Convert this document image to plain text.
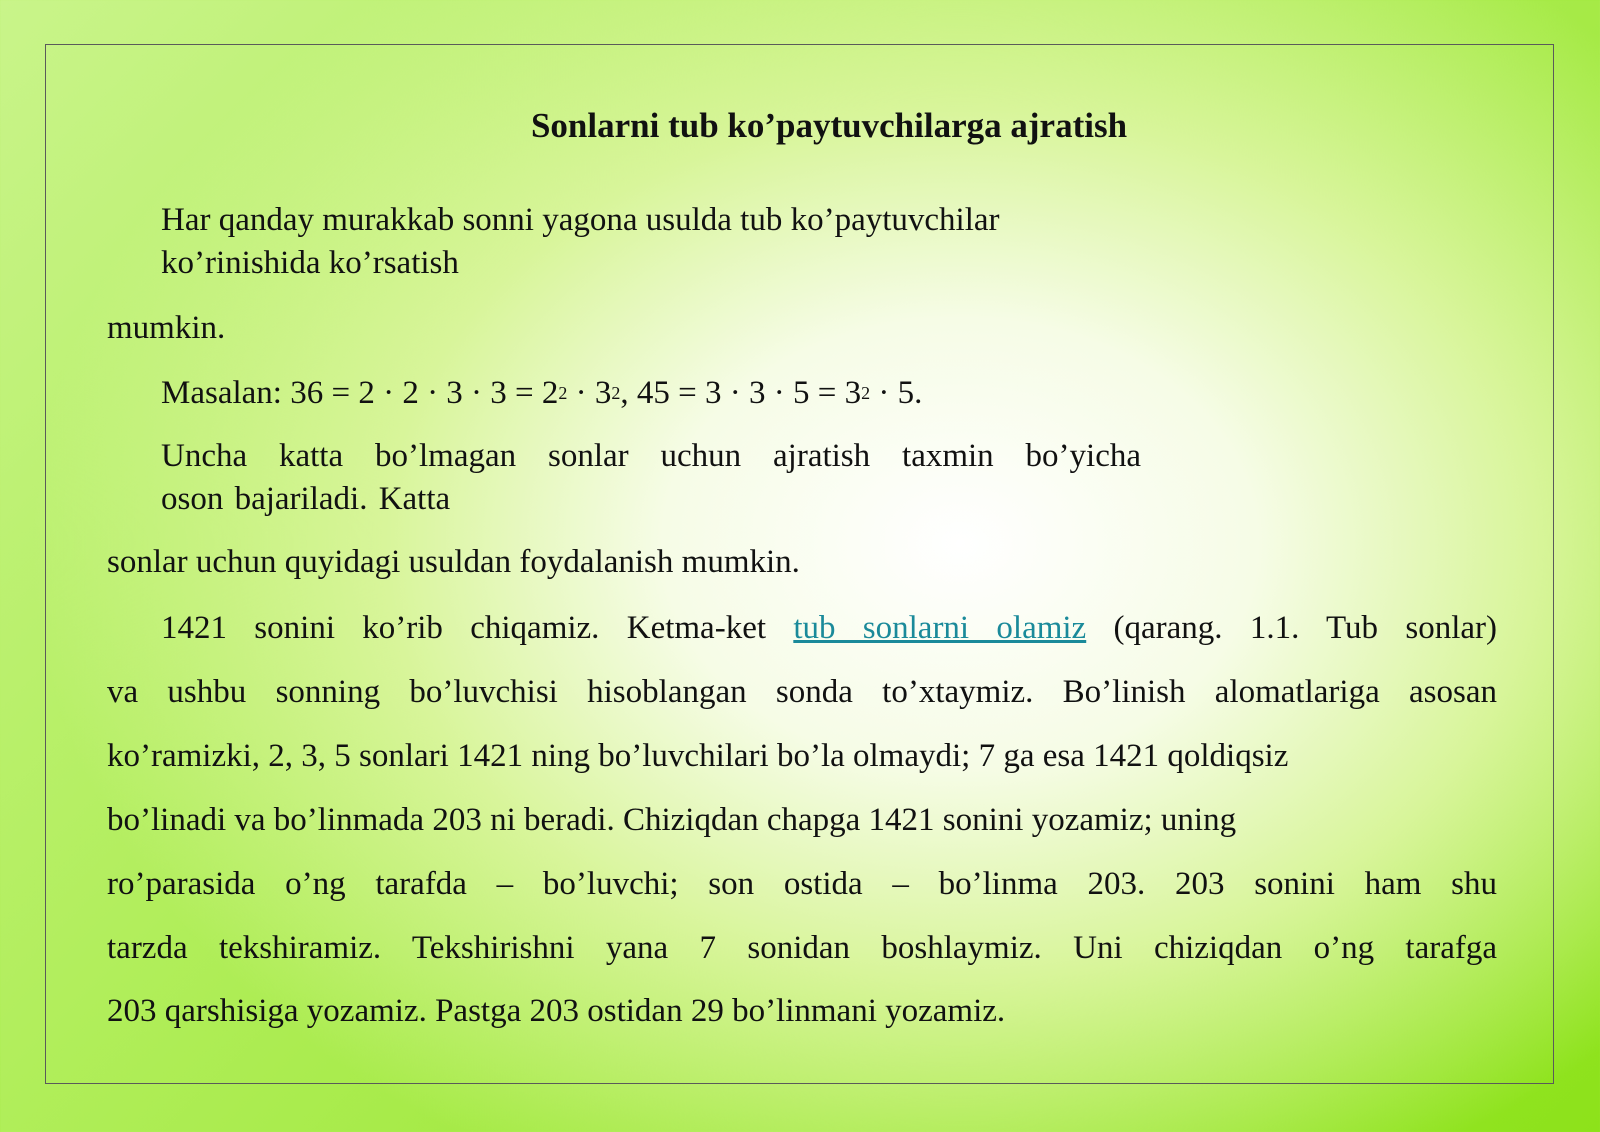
Sonlarni tub ko’paytuvchilarga ajratish
Har qanday murakkab sonni yagona usulda tub ko’paytuvchilar
ko’rinishida ko’rsatish
mumkin.
Masalan: $36 = 2 \cdot 2 \cdot 3 \cdot 3 = 2^2 \cdot 3^2$, $45 = 3 \cdot 3 \cdot 5 = 3^2 \cdot 5$.
Uncha katta bo’lmagan sonlar uchun ajratish taxmin bo’yicha
oson bajariladi. Katta
sonlar uchun quyidagi usuldan foydalanish mumkin.
1421 sonini ko’rib chiqamiz. Ketma-ket tub sonlarni olamiz (qarang. 1.1. Tub sonlar)
va ushbu sonning bo’luvchisi hisoblangan sonda to’xtaymiz. Bo’linish alomatlariga asosan
ko’ramizki, 2, 3, 5 sonlari 1421 ning bo’luvchilari bo’la olmaydi; 7 ga esa 1421 qoldiqsiz
bo’linadi va bo’linmada 203 ni beradi. Chiziqdan chapga 1421 sonini yozamiz; uning
ro’parasida o’ng tarafda – bo’luvchi; son ostida – bo’linma 203. 203 sonini ham shu
tarzda tekshiramiz. Tekshirishni yana 7 sonidan boshlaymiz. Uni chiziqdan o’ng tarafga
203 qarshisiga yozamiz. Pastga 203 ostidan 29 bo’linmani yozamiz.
